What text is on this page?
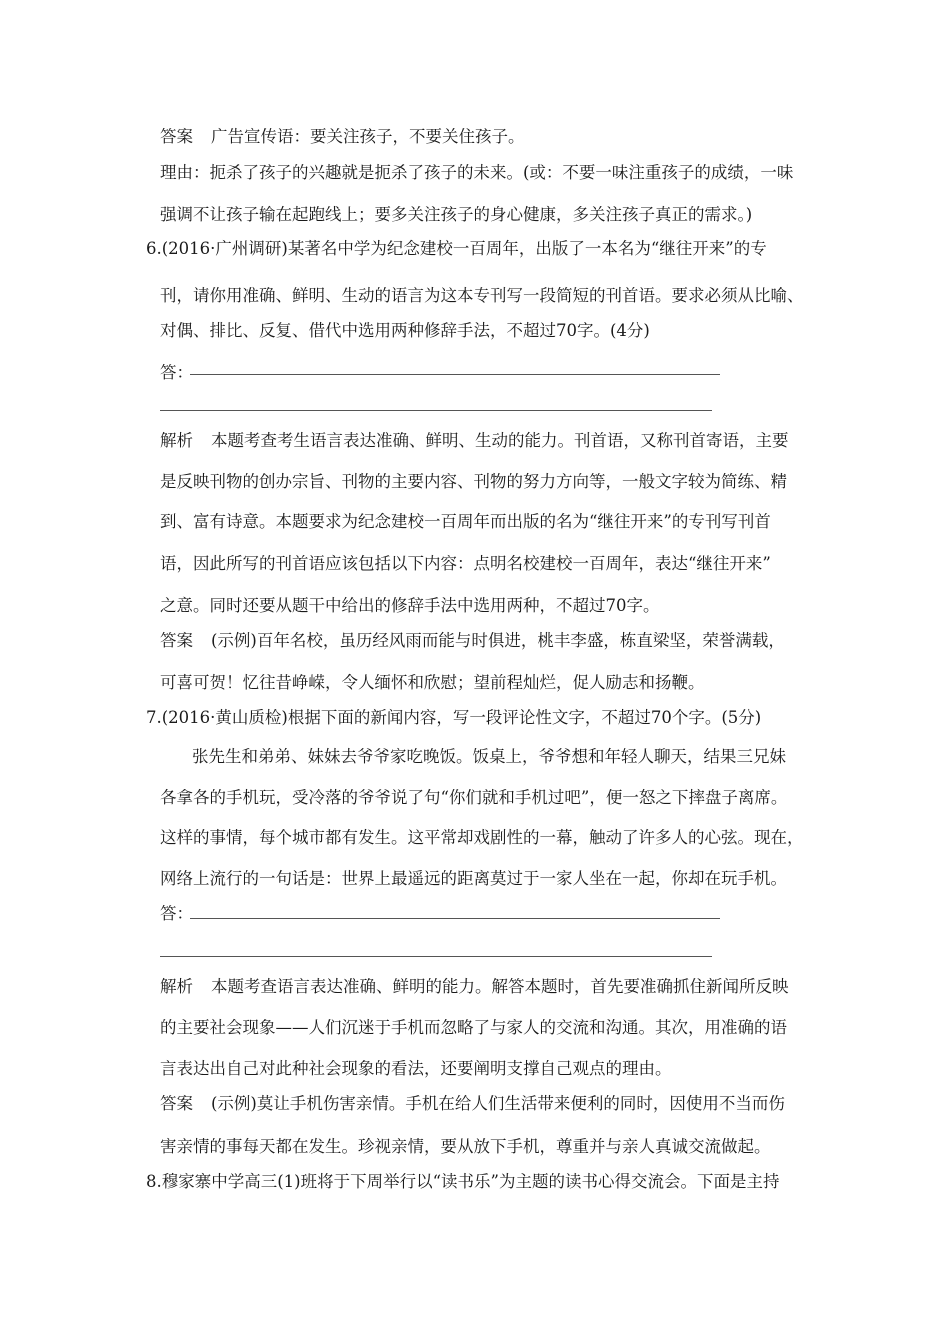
答案 广告宣传语：要关注孩子，不要关住孩子。
理由：扼杀了孩子的兴趣就是扼杀了孩子的未来。(或：不要一味注重孩子的成绩，一味
强调不让孩子输在起跑线上；要多关注孩子的身心健康，多关注孩子真正的需求。)
6.(2016·广州调研)某著名中学为纪念建校一百周年，出版了一本名为“继往开来”的专
刊，请你用准确、鲜明、生动的语言为这本专刊写一段简短的刊首语。要求必须从比喻、
对偶、排比、反复、借代中选用两种修辞手法，不超过70字。(4分)
答：
解析 本题考查考生语言表达准确、鲜明、生动的能力。刊首语，又称刊首寄语，主要
是反映刊物的创办宗旨、刊物的主要内容、刊物的努力方向等，一般文字较为简练、精
到、富有诗意。本题要求为纪念建校一百周年而出版的名为“继往开来”的专刊写刊首
语，因此所写的刊首语应该包括以下内容：点明名校建校一百周年，表达“继往开来”
之意。同时还要从题干中给出的修辞手法中选用两种，不超过70字。
答案 (示例)百年名校，虽历经风雨而能与时俱进，桃丰李盛，栋直梁坚，荣誉满载，
可喜可贺！忆往昔峥嵘，令人缅怀和欣慰；望前程灿烂，促人励志和扬鞭。
7.(2016·黄山质检)根据下面的新闻内容，写一段评论性文字，不超过70个字。(5分)
张先生和弟弟、妹妹去爷爷家吃晚饭。饭桌上，爷爷想和年轻人聊天，结果三兄妹
各拿各的手机玩，受冷落的爷爷说了句“你们就和手机过吧”，便一怒之下摔盘子离席。
这样的事情，每个城市都有发生。这平常却戏剧性的一幕，触动了许多人的心弦。现在，
网络上流行的一句话是：世界上最遥远的距离莫过于一家人坐在一起，你却在玩手机。
答：
解析 本题考查语言表达准确、鲜明的能力。解答本题时，首先要准确抓住新闻所反映
的主要社会现象——人们沉迷于手机而忽略了与家人的交流和沟通。其次，用准确的语
言表达出自己对此种社会现象的看法，还要阐明支撑自己观点的理由。
答案 (示例)莫让手机伤害亲情。手机在给人们生活带来便利的同时，因使用不当而伤
害亲情的事每天都在发生。珍视亲情，要从放下手机，尊重并与亲人真诚交流做起。
8.穆家寨中学高三(1)班将于下周举行以“读书乐”为主题的读书心得交流会。下面是主持
